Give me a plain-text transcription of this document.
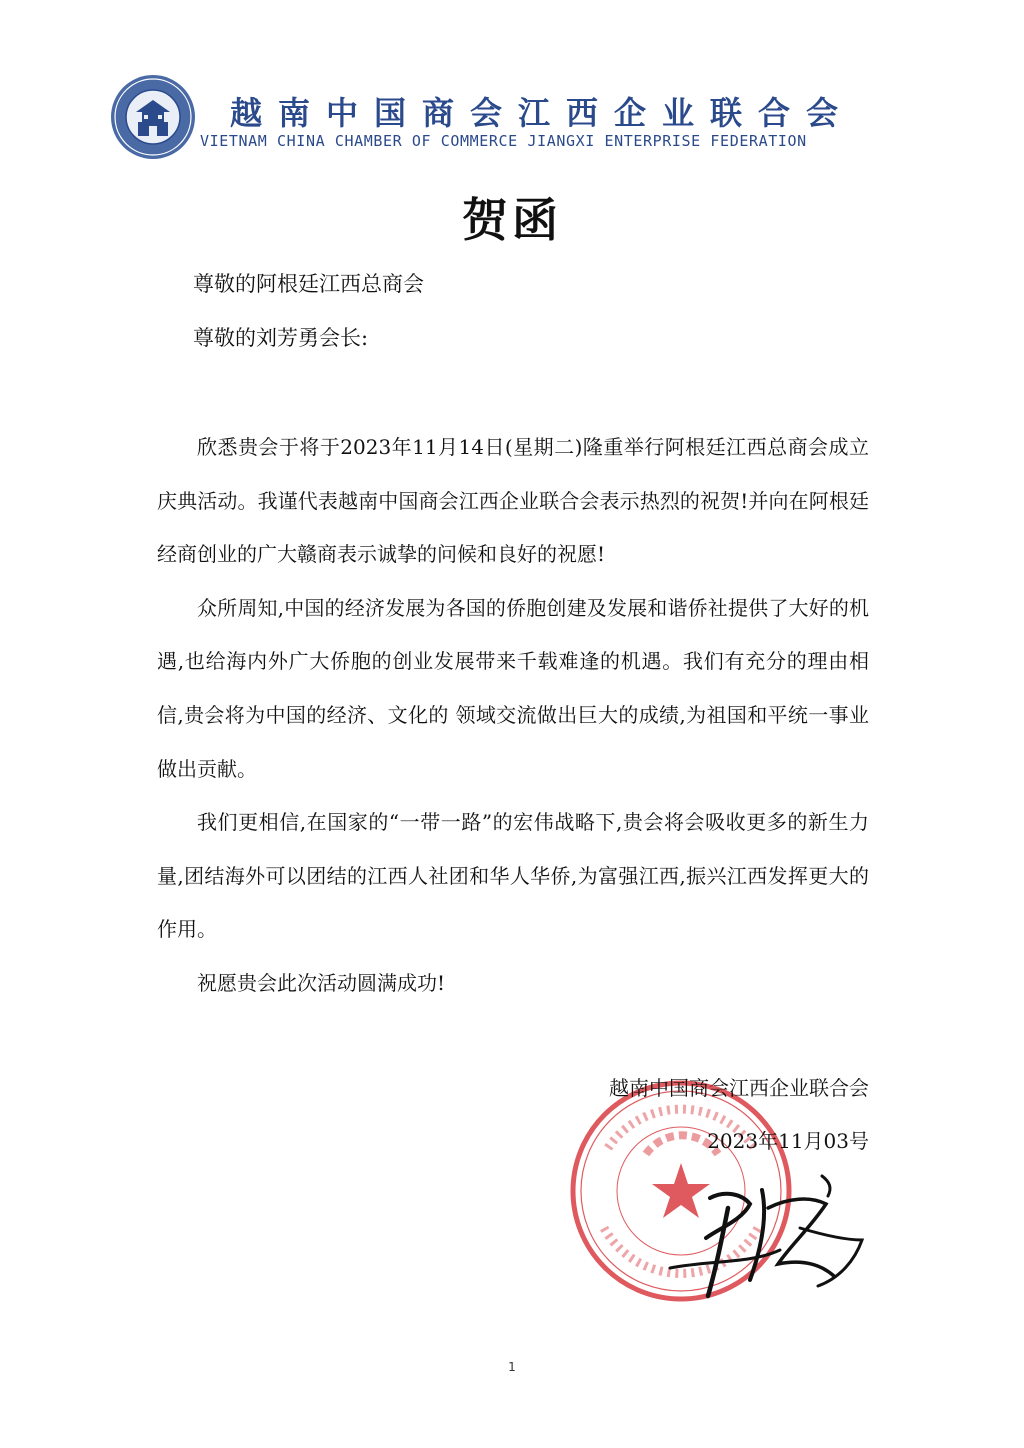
越南中国商会江西企业联合会
VIETNAM CHINA CHAMBER OF COMMERCE JIANGXI ENTERPRISE FEDERATION
贺函
尊敬的阿根廷江西总商会
尊敬的刘芳勇会长:

欣悉贵会于将于2023年11月14日(星期二)隆重举行阿根廷江西总商会成立庆典活动。我谨代表越南中国商会江西企业联合会表示热烈的祝贺!并向在阿根廷经商创业的广大赣商表示诚挚的问候和良好的祝愿!

众所周知,中国的经济发展为各国的侨胞创建及发展和谐侨社提供了大好的机遇,也给海内外广大侨胞的创业发展带来千载难逢的机遇。我们有充分的理由相信,贵会将为中国的经济、文化的 领域交流做出巨大的成绩,为祖国和平统一事业做出贡献。

我们更相信,在国家的“一带一路”的宏伟战略下,贵会将会吸收更多的新生力量,团结海外可以团结的江西人社团和华人华侨,为富强江西,振兴江西发挥更大的作用。

祝愿贵会此次活动圆满成功!

越南中国商会江西企业联合会
2023年11月03号
1
